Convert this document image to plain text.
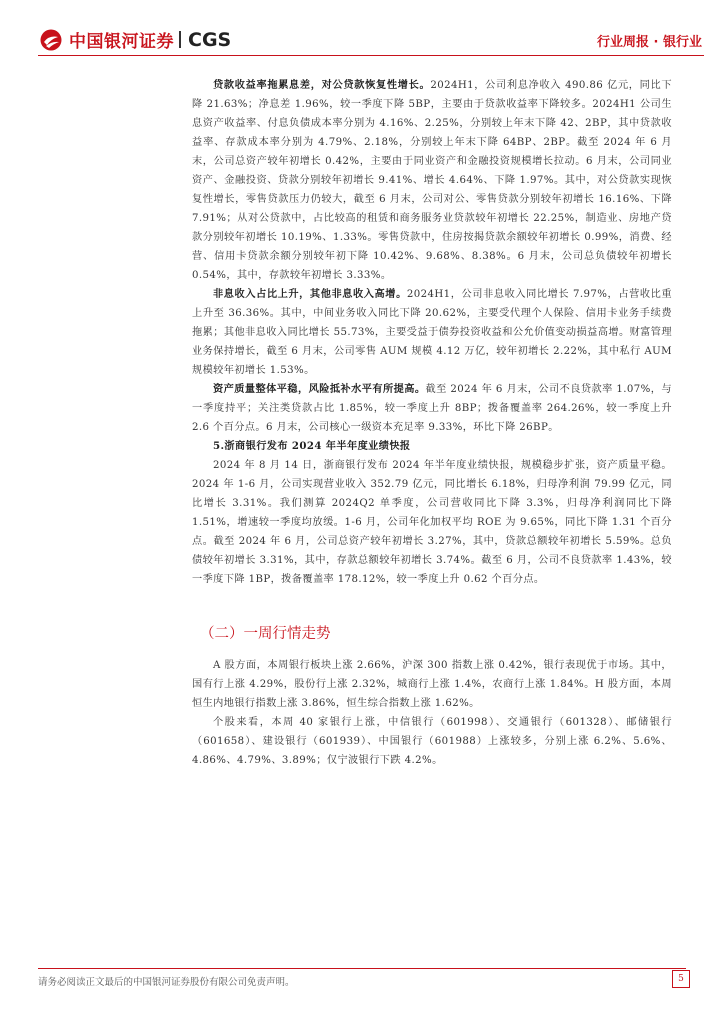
中国银河证券 CGS	行业周报 · 银行业

贷款收益率拖累息差，对公贷款恢复性增长。2024H1，公司利息净收入 490.86 亿元，同比下降 21.63%；净息差 1.96%，较一季度下降 5BP，主要由于贷款收益率下降较多。2024H1 公司生息资产收益率、付息负债成本率分别为 4.16%、2.25%，分别较上年末下降 42、2BP，其中贷款收益率、存款成本率分别为 4.79%、2.18%，分别较上年末下降 64BP、2BP。截至 2024 年 6 月末，公司总资产较年初增长 0.42%，主要由于同业资产和金融投资规模增长拉动。6 月末，公司同业资产、金融投资、贷款分别较年初增长 9.41%、增长 4.64%、下降 1.97%。其中，对公贷款实现恢复性增长，零售贷款压力仍较大，截至 6 月末，公司对公、零售贷款分别较年初增长 16.16%、下降 7.91%；从对公贷款中，占比较高的租赁和商务服务业贷款较年初增长 22.25%，制造业、房地产贷款分别较年初增长 10.19%、1.33%。零售贷款中，住房按揭贷款余额较年初增长 0.99%，消费、经营、信用卡贷款余额分别较年初下降 10.42%、9.68%、8.38%。6 月末，公司总负债较年初增长 0.54%，其中，存款较年初增长 3.33%。

非息收入占比上升，其他非息收入高增。2024H1，公司非息收入同比增长 7.97%，占营收比重上升至 36.36%。其中，中间业务收入同比下降 20.62%，主要受代理个人保险、信用卡业务手续费拖累；其他非息收入同比增长 55.73%，主要受益于债券投资收益和公允价值变动损益高增。财富管理业务保持增长，截至 6 月末，公司零售 AUM 规模 4.12 万亿，较年初增长 2.22%，其中私行 AUM 规模较年初增长 1.53%。

资产质量整体平稳，风险抵补水平有所提高。截至 2024 年 6 月末，公司不良贷款率 1.07%，与一季度持平；关注类贷款占比 1.85%，较一季度上升 8BP；拨备覆盖率 264.26%，较一季度上升 2.6 个百分点。6 月末，公司核心一级资本充足率 9.33%，环比下降 26BP。

5.浙商银行发布 2024 年半年度业绩快报

2024 年 8 月 14 日，浙商银行发布 2024 年半年度业绩快报，规模稳步扩张，资产质量平稳。2024 年 1-6 月，公司实现营业收入 352.79 亿元，同比增长 6.18%，归母净利润 79.99 亿元，同比增长 3.31%。我们测算 2024Q2 单季度，公司营收同比下降 3.3%，归母净利润同比下降 1.51%，增速较一季度均放缓。1-6 月，公司年化加权平均 ROE 为 9.65%，同比下降 1.31 个百分点。截至 2024 年 6 月，公司总资产较年初增长 3.27%，其中，贷款总额较年初增长 5.59%。总负债较年初增长 3.31%，其中，存款总额较年初增长 3.74%。截至 6 月，公司不良贷款率 1.43%，较一季度下降 1BP，拨备覆盖率 178.12%，较一季度上升 0.62 个百分点。

（二）一周行情走势

A 股方面，本周银行板块上涨 2.66%，沪深 300 指数上涨 0.42%，银行表现优于市场。其中，国有行上涨 4.29%，股份行上涨 2.32%，城商行上涨 1.4%，农商行上涨 1.84%。H 股方面，本周恒生内地银行指数上涨 3.86%，恒生综合指数上涨 1.62%。

个股来看，本周 40 家银行上涨，中信银行（601998）、交通银行（601328）、邮储银行（601658）、建设银行（601939）、中国银行（601988）上涨较多，分别上涨 6.2%、5.6%、4.86%、4.79%、3.89%；仅宁波银行下跌 4.2%。

请务必阅读正文最后的中国银河证券股份有限公司免责声明。	5
